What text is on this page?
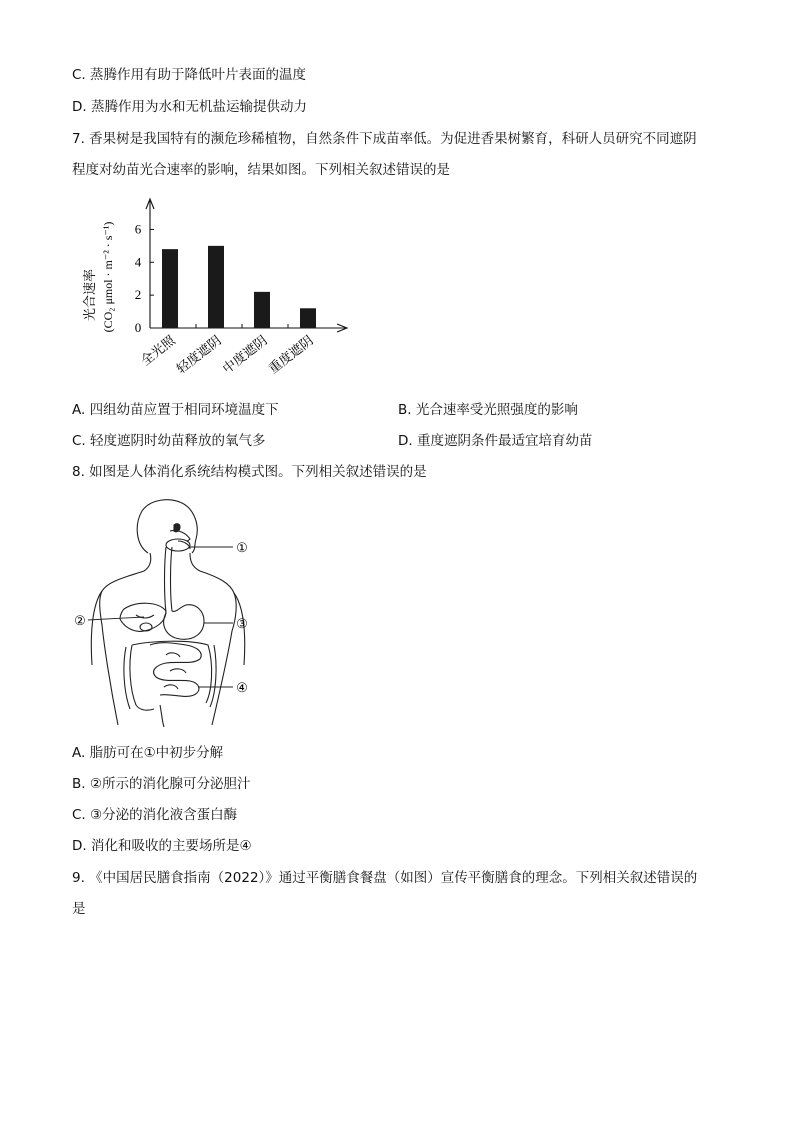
C. 蒸腾作用有助于降低叶片表面的温度
D. 蒸腾作用为水和无机盐运输提供动力
7. 香果树是我国特有的濒危珍稀植物，自然条件下成苗率低。为促进香果树繁育，科研人员研究不同遮阴
程度对幼苗光合速率的影响，结果如图。下列相关叙述错误的是
光合速率 (CO₂ μmol · m⁻² · s⁻¹) 0
2
4
6
全光照
轻度遮阴
中度遮阴
重度遮阴
A. 四组幼苗应置于相同环境温度下	B. 光合速率受光照强度的影响
C. 轻度遮阴时幼苗释放的氧气多	D. 重度遮阴条件最适宜培育幼苗
8. 如图是人体消化系统结构模式图。下列相关叙述错误的是
①
②	③
④
A. 脂肪可在①中初步分解
B. ②所示的消化腺可分泌胆汁
C. ③分泌的消化液含蛋白酶
D. 消化和吸收的主要场所是④
9. 《中国居民膳食指南（2022）》通过平衡膳食餐盘（如图）宣传平衡膳食的理念。下列相关叙述错误的
是
